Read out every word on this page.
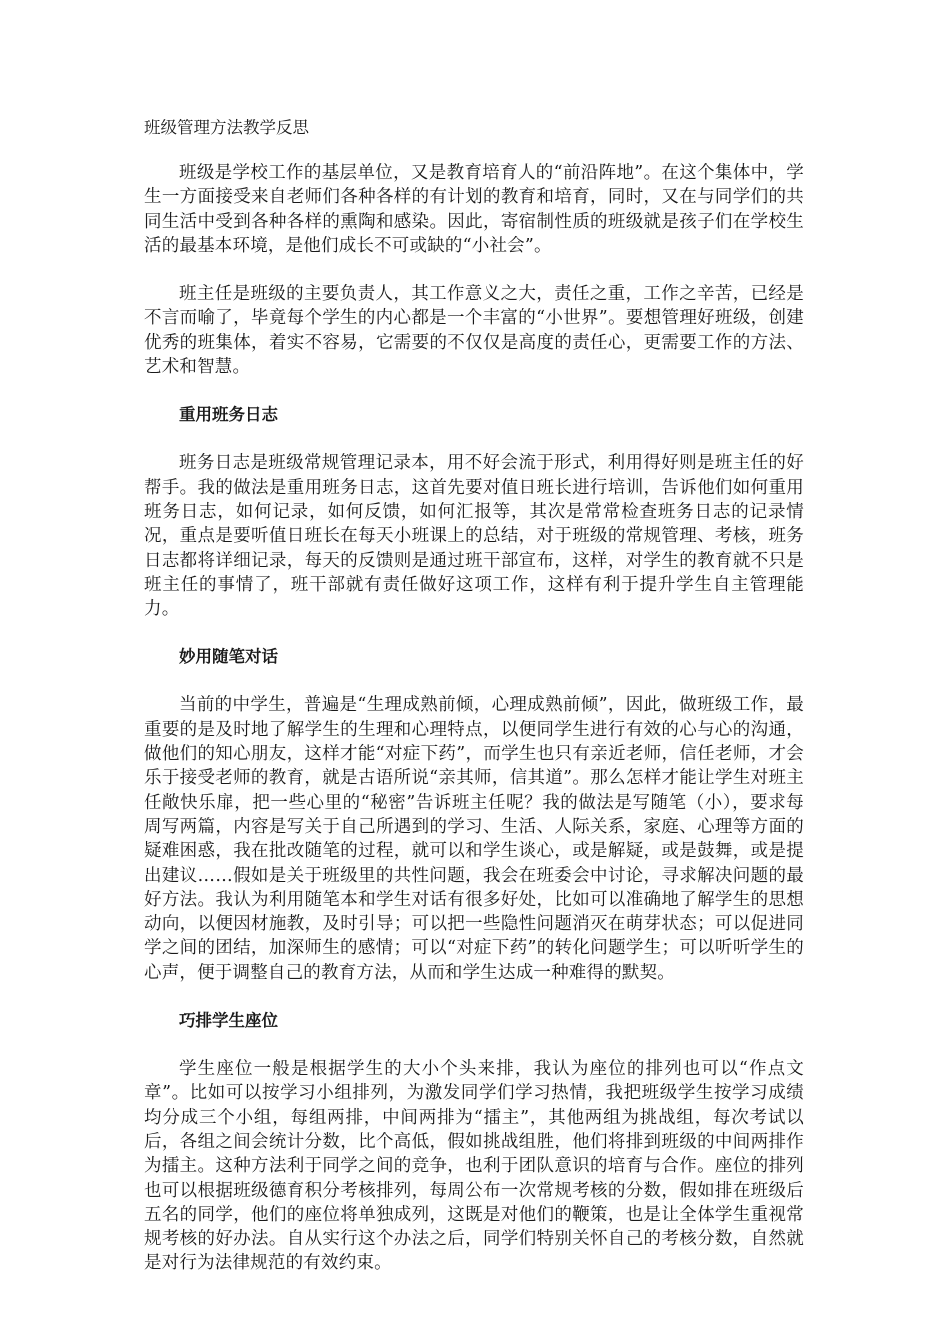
班级管理方法教学反思

班级是学校工作的基层单位，又是教育培育人的“前沿阵地”。在这个集体中，学生一方面接受来自老师们各种各样的有计划的教育和培育，同时，又在与同学们的共同生活中受到各种各样的熏陶和感染。因此，寄宿制性质的班级就是孩子们在学校生活的最基本环境，是他们成长不可或缺的“小社会”。

班主任是班级的主要负责人，其工作意义之大，责任之重，工作之辛苦，已经是不言而喻了，毕竟每个学生的内心都是一个丰富的“小世界”。要想管理好班级，创建优秀的班集体，着实不容易，它需要的不仅仅是高度的责任心，更需要工作的方法、艺术和智慧。

重用班务日志

班务日志是班级常规管理记录本，用不好会流于形式，利用得好则是班主任的好帮手。我的做法是重用班务日志，这首先要对值日班长进行培训，告诉他们如何重用班务日志，如何记录，如何反馈，如何汇报等，其次是常常检查班务日志的记录情况，重点是要听值日班长在每天小班课上的总结，对于班级的常规管理、考核，班务日志都将详细记录，每天的反馈则是通过班干部宣布，这样，对学生的教育就不只是班主任的事情了，班干部就有责任做好这项工作，这样有利于提升学生自主管理能力。

妙用随笔对话

当前的中学生，普遍是“生理成熟前倾，心理成熟前倾”，因此，做班级工作，最重要的是及时地了解学生的生理和心理特点，以便同学生进行有效的心与心的沟通，做他们的知心朋友，这样才能“对症下药”，而学生也只有亲近老师，信任老师，才会乐于接受老师的教育，就是古语所说“亲其师，信其道”。那么怎样才能让学生对班主任敞快乐扉，把一些心里的“秘密”告诉班主任呢？我的做法是写随笔（小），要求每周写两篇，内容是写关于自己所遇到的学习、生活、人际关系，家庭、心理等方面的疑难困惑，我在批改随笔的过程，就可以和学生谈心，或是解疑，或是鼓舞，或是提出建议……假如是关于班级里的共性问题，我会在班委会中讨论，寻求解决问题的最好方法。我认为利用随笔本和学生对话有很多好处，比如可以准确地了解学生的思想动向，以便因材施教，及时引导；可以把一些隐性问题消灭在萌芽状态；可以促进同学之间的团结，加深师生的感情；可以“对症下药”的转化问题学生；可以听听学生的心声，便于调整自己的教育方法，从而和学生达成一种难得的默契。

巧排学生座位

学生座位一般是根据学生的大小个头来排，我认为座位的排列也可以“作点文章”。比如可以按学习小组排列，为激发同学们学习热情，我把班级学生按学习成绩均分成三个小组，每组两排，中间两排为“擂主”，其他两组为挑战组，每次考试以后，各组之间会统计分数，比个高低，假如挑战组胜，他们将排到班级的中间两排作为擂主。这种方法利于同学之间的竞争，也利于团队意识的培育与合作。座位的排列也可以根据班级德育积分考核排列，每周公布一次常规考核的分数，假如排在班级后五名的同学，他们的座位将单独成列，这既是对他们的鞭策，也是让全体学生重视常规考核的好办法。自从实行这个办法之后，同学们特别关怀自己的考核分数，自然就是对行为法律规范的有效约束。
